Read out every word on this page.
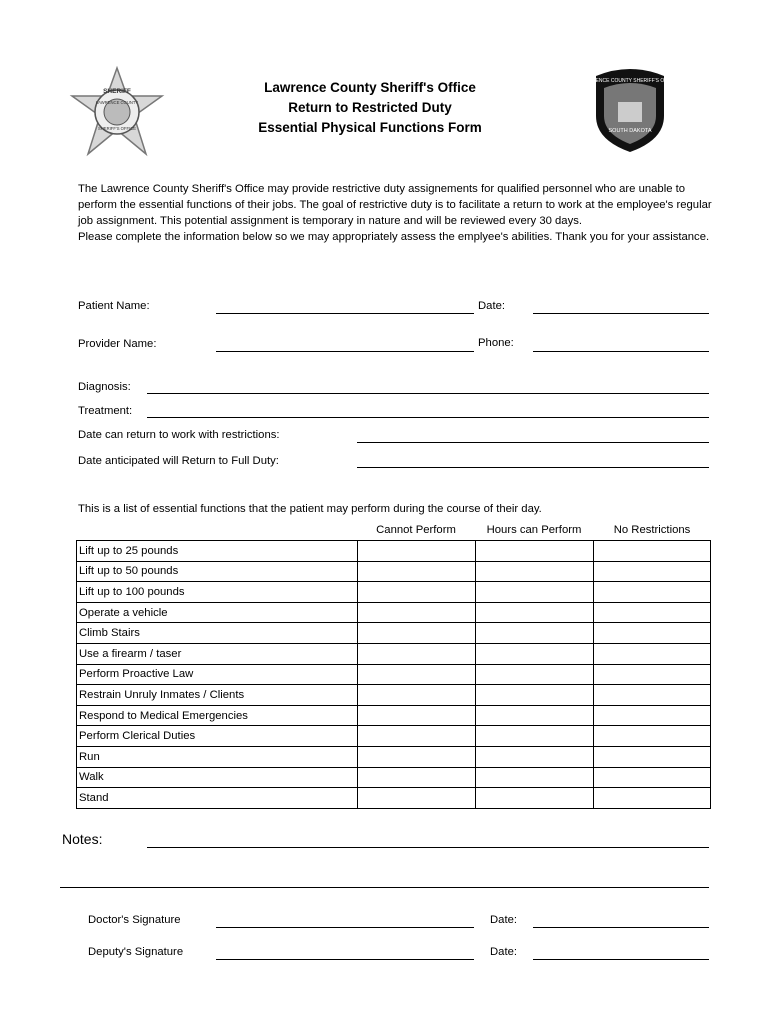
SHERIFF
LAWRENCE COUNTY
SHERIFF'S OFFICE
Lawrence County Sheriff's Office
Return to Restricted Duty
Essential Physical Functions Form
LAWRENCE COUNTY SHERIFF'S OFFICE
SOUTH DAKOTA

The Lawrence County Sheriff's Office may provide restrictive duty assignements for qualified personnel who are unable to perform the essential functions of their jobs. The goal of restrictive duty is to facilitate a return to work at the employee's regular job assignment. This potential assignment is temporary in nature and will be reviewed every 30 days.

Please complete the information below so we may appropriately assess the emplyee's abilities. Thank you for your assistance.

Patient Name:	Date:
Provider Name:	Phone:
Diagnosis:
Treatment:
Date can return to work with restrictions:
Date anticipated will Return to Full Duty:
This is a list of essential functions that the patient may perform during the course of their day.
Cannot Perform	Hours can Perform	No Restrictions
Lift up to 25 pounds			
Lift up to 50 pounds			
Lift up to 100 pounds			
Operate a vehicle			
Climb Stairs			
Use a firearm / taser			
Perform Proactive Law			
Restrain Unruly Inmates / Clients			
Respond to Medical Emergencies			
Perform Clerical Duties			
Run			
Walk			
Stand			
Notes:
Doctor's Signature	Date:
Deputy's Signature	Date:
